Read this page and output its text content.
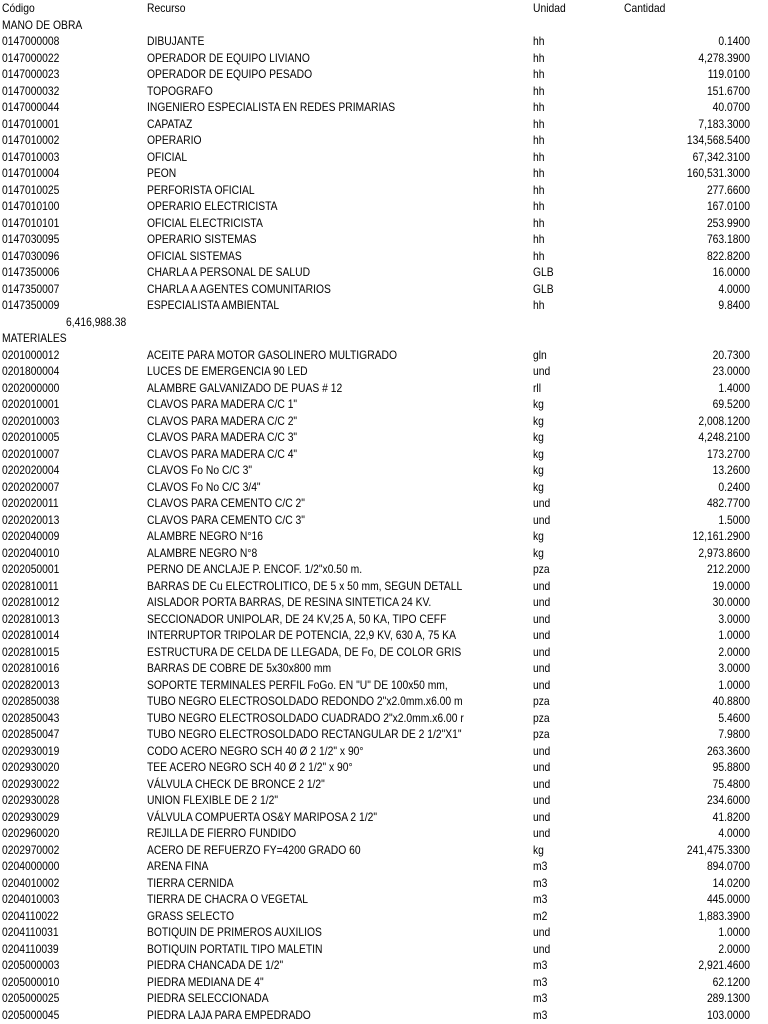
Código	Recurso	Unidad	Cantidad
MANO DE OBRA
0147000008	DIBUJANTE	hh	0.1400
0147000022	OPERADOR DE EQUIPO LIVIANO	hh	4,278.3900
0147000023	OPERADOR DE EQUIPO PESADO	hh	119.0100
0147000032	TOPOGRAFO	hh	151.6700
0147000044	INGENIERO ESPECIALISTA EN REDES PRIMARIAS	hh	40.0700
0147010001	CAPATAZ	hh	7,183.3000
0147010002	OPERARIO	hh	134,568.5400
0147010003	OFICIAL	hh	67,342.3100
0147010004	PEON	hh	160,531.3000
0147010025	PERFORISTA OFICIAL	hh	277.6600
0147010100	OPERARIO ELECTRICISTA	hh	167.0100
0147010101	OFICIAL ELECTRICISTA	hh	253.9900
0147030095	OPERARIO SISTEMAS	hh	763.1800
0147030096	OFICIAL SISTEMAS	hh	822.8200
0147350006	CHARLA A PERSONAL DE SALUD	GLB	16.0000
0147350007	CHARLA A AGENTES COMUNITARIOS	GLB	4.0000
0147350009	ESPECIALISTA AMBIENTAL	hh	9.8400
6,416,988.38
MATERIALES
0201000012	ACEITE PARA MOTOR GASOLINERO MULTIGRADO	gln	20.7300
0201800004	LUCES DE EMERGENCIA 90 LED	und	23.0000
0202000000	ALAMBRE GALVANIZADO DE PUAS # 12	rll	1.4000
0202010001	CLAVOS PARA MADERA C/C 1"	kg	69.5200
0202010003	CLAVOS PARA MADERA C/C 2"	kg	2,008.1200
0202010005	CLAVOS PARA MADERA C/C 3"	kg	4,248.2100
0202010007	CLAVOS PARA MADERA C/C 4"	kg	173.2700
0202020004	CLAVOS Fo No C/C 3"	kg	13.2600
0202020007	CLAVOS Fo No C/C 3/4"	kg	0.2400
0202020011	CLAVOS PARA CEMENTO C/C 2"	und	482.7700
0202020013	CLAVOS PARA CEMENTO C/C 3"	und	1.5000
0202040009	ALAMBRE NEGRO N°16	kg	12,161.2900
0202040010	ALAMBRE NEGRO N°8	kg	2,973.8600
0202050001	PERNO DE ANCLAJE P. ENCOF. 1/2"x0.50 m.	pza	212.2000
0202810011	BARRAS DE Cu ELECTROLITICO, DE 5 x 50 mm, SEGUN DETALL	und	19.0000
0202810012	AISLADOR PORTA BARRAS, DE RESINA SINTETICA 24 KV.	und	30.0000
0202810013	SECCIONADOR UNIPOLAR, DE 24 KV,25 A, 50 KA, TIPO CEFF	und	3.0000
0202810014	INTERRUPTOR TRIPOLAR DE POTENCIA, 22,9 KV, 630 A, 75 KA	und	1.0000
0202810015	ESTRUCTURA DE CELDA DE LLEGADA, DE Fo, DE COLOR GRIS	und	2.0000
0202810016	BARRAS DE COBRE DE 5x30x800 mm	und	3.0000
0202820013	SOPORTE TERMINALES PERFIL FoGo. EN "U" DE 100x50 mm,	und	1.0000
0202850038	TUBO NEGRO ELECTROSOLDADO REDONDO 2"x2.0mm.x6.00 m	pza	40.8800
0202850043	TUBO NEGRO ELECTROSOLDADO CUADRADO 2"x2.0mm.x6.00 r	pza	5.4600
0202850047	TUBO NEGRO ELECTROSOLDADO RECTANGULAR DE 2 1/2"X1"	pza	7.9800
0202930019	CODO ACERO NEGRO SCH 40 Ø 2 1/2" x 90°	und	263.3600
0202930020	TEE ACERO NEGRO SCH 40 Ø 2 1/2" x 90°	und	95.8800
0202930022	VÁLVULA CHECK DE BRONCE 2 1/2"	und	75.4800
0202930028	UNION FLEXIBLE DE 2 1/2"	und	234.6000
0202930029	VÁLVULA COMPUERTA OS&Y MARIPOSA 2 1/2"	und	41.8200
0202960020	REJILLA DE FIERRO FUNDIDO	und	4.0000
0202970002	ACERO DE REFUERZO FY=4200 GRADO 60	kg	241,475.3300
0204000000	ARENA FINA	m3	894.0700
0204010002	TIERRA CERNIDA	m3	14.0200
0204010003	TIERRA DE CHACRA O VEGETAL	m3	445.0000
0204110022	GRASS SELECTO	m2	1,883.3900
0204110031	BOTIQUIN DE PRIMEROS AUXILIOS	und	1.0000
0204110039	BOTIQUIN PORTATIL TIPO MALETIN	und	2.0000
0205000003	PIEDRA CHANCADA DE 1/2"	m3	2,921.4600
0205000010	PIEDRA MEDIANA DE 4"	m3	62.1200
0205000025	PIEDRA SELECCIONADA	m3	289.1300
0205000045	PIEDRA LAJA PARA EMPEDRADO	m3	103.0000
